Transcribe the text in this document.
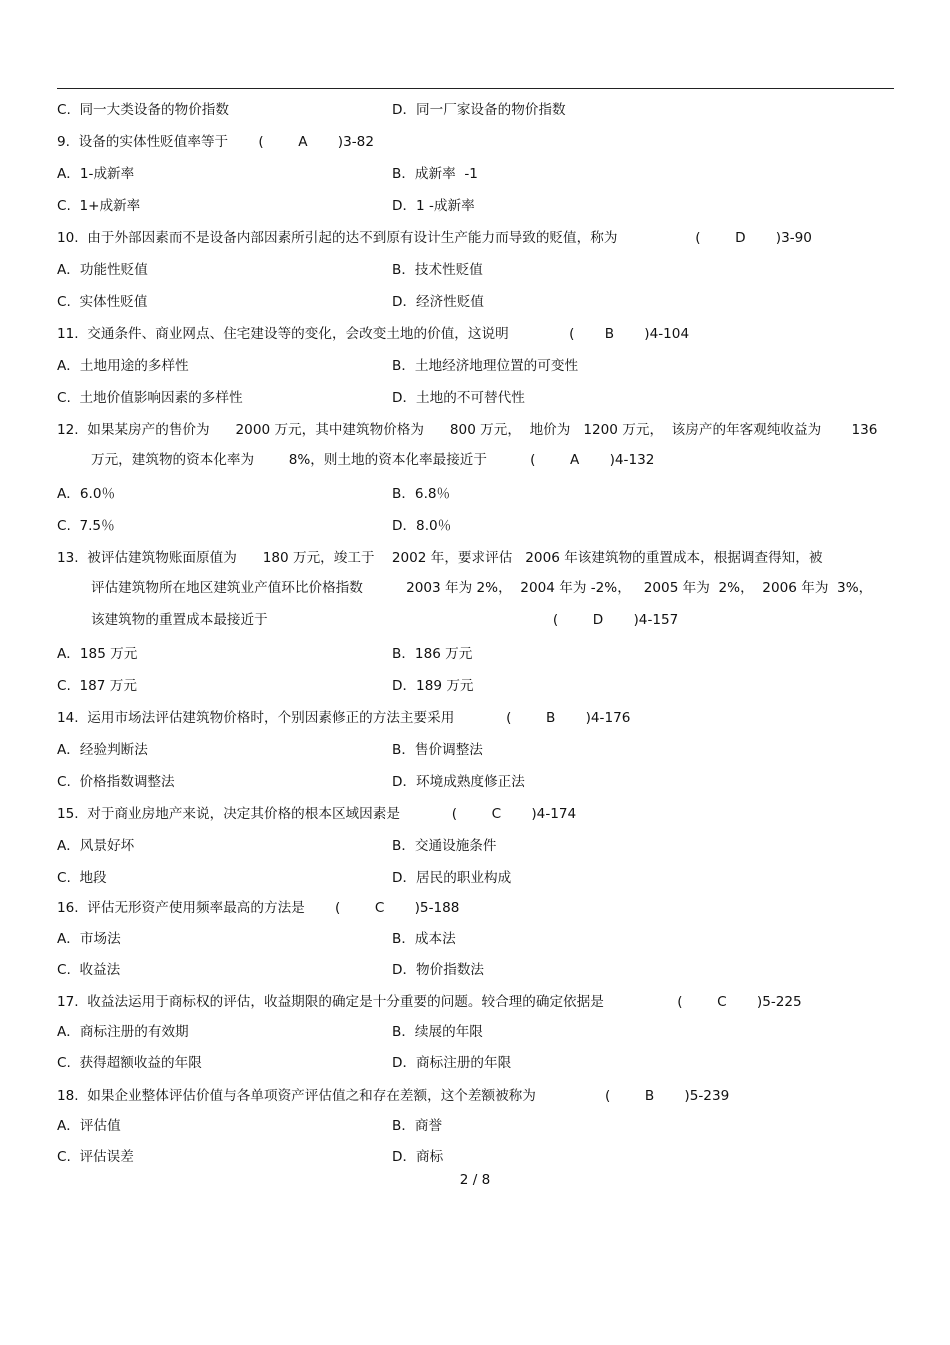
C.  同一大类设备的物价指数	D．同一厂家设备的物价指数
9.  设备的实体性贬值率等于       (        A       )3-82
A．1-成新率	B．成新率  -1
C.  1+成新率	D．1 -成新率
10.  由于外部因素而不是设备内部因素所引起的达不到原有设计生产能力而导致的贬值，称为                  (        D       )3-90
A．功能性贬值	B．技术性贬值
C.  实体性贬值	D．经济性贬值
11.  交通条件、商业网点、住宅建设等的变化，会改变土地的价值，这说明              (       B       )4-104
A．土地用途的多样性	B．土地经济地理位置的可变性
C.  土地价值影响因素的多样性	D．土地的不可替代性
12.  如果某房产的售价为      2000 万元，其中建筑物价格为      800 万元，  地价为   1200 万元，  该房产的年客观纯收益为       136
万元，建筑物的资本化率为        8%，则土地的资本化率最接近于          (        A       )4-132
A．6.0％	B．6.8％
C.  7.5％	D．8.0％
13.  被评估建筑物账面原值为      180 万元，竣工于    2002 年，要求评估   2006 年该建筑物的重置成本，根据调查得知，被
评估建筑物所在地区建筑业产值环比价格指数          2003 年为 2%，  2004 年为 -2%，   2005 年为  2%，  2006 年为  3%，
该建筑物的重置成本最接近于                                                                  (        D       )4-157
A．185 万元	B．186 万元
C.  187 万元	D．189 万元
14.  运用市场法评估建筑物价格时，个别因素修正的方法主要采用            (        B       )4-176
A．经验判断法	B．售价调整法
C.  价格指数调整法	D．环境成熟度修正法
15.  对于商业房地产来说，决定其价格的根本区域因素是            (        C       )4-174
A．风景好坏	B．交通设施条件
C.  地段	D．居民的职业构成
16.  评估无形资产使用频率最高的方法是       (        C       )5-188
A．市场法	B．成本法
C.  收益法	D．物价指数法
17.  收益法运用于商标权的评估，收益期限的确定是十分重要的问题。较合理的确定依据是                 (        C       )5-225
A．商标注册的有效期	B．续展的年限
C.  获得超额收益的年限	D．商标注册的年限
18.  如果企业整体评估价值与各单项资产评估值之和存在差额，这个差额被称为                (        B       )5-239
A．评估值	B．商誉
C.  评估误差	D．商标
2 / 8
